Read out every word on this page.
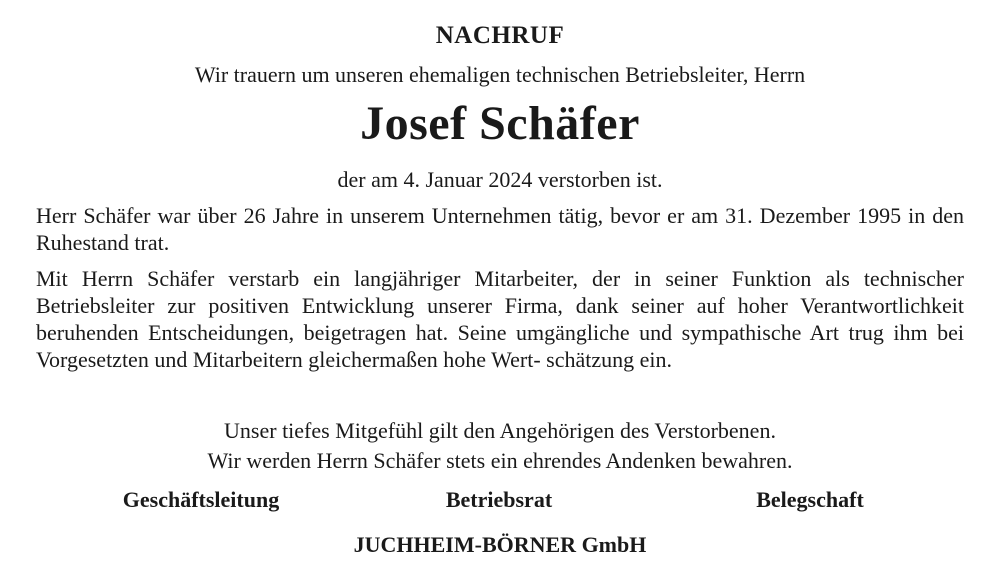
NACHRUF
Wir trauern um unseren ehemaligen technischen Betriebsleiter, Herrn
Josef Schäfer
der am 4. Januar 2024 verstorben ist.
Herr Schäfer war über 26 Jahre in unserem Unternehmen tätig, bevor er am 31. Dezember 1995 in den Ruhestand trat.
Mit Herrn Schäfer verstarb ein langjähriger Mitarbeiter, der in seiner Funktion als technischer Betriebsleiter zur positiven Entwicklung unserer Firma, dank seiner auf hoher Verantwortlichkeit beruhenden Entscheidungen, beigetragen hat. Seine umgängliche und sympathische Art trug ihm bei Vorgesetzten und Mitarbeitern gleichermaßen hohe Wert- schätzung ein.
Unser tiefes Mitgefühl gilt den Angehörigen des Verstorbenen.
Wir werden Herrn Schäfer stets ein ehrendes Andenken bewahren.
Geschäftsleitung	Betriebsrat	Belegschaft
JUCHHEIM-BÖRNER GmbH
